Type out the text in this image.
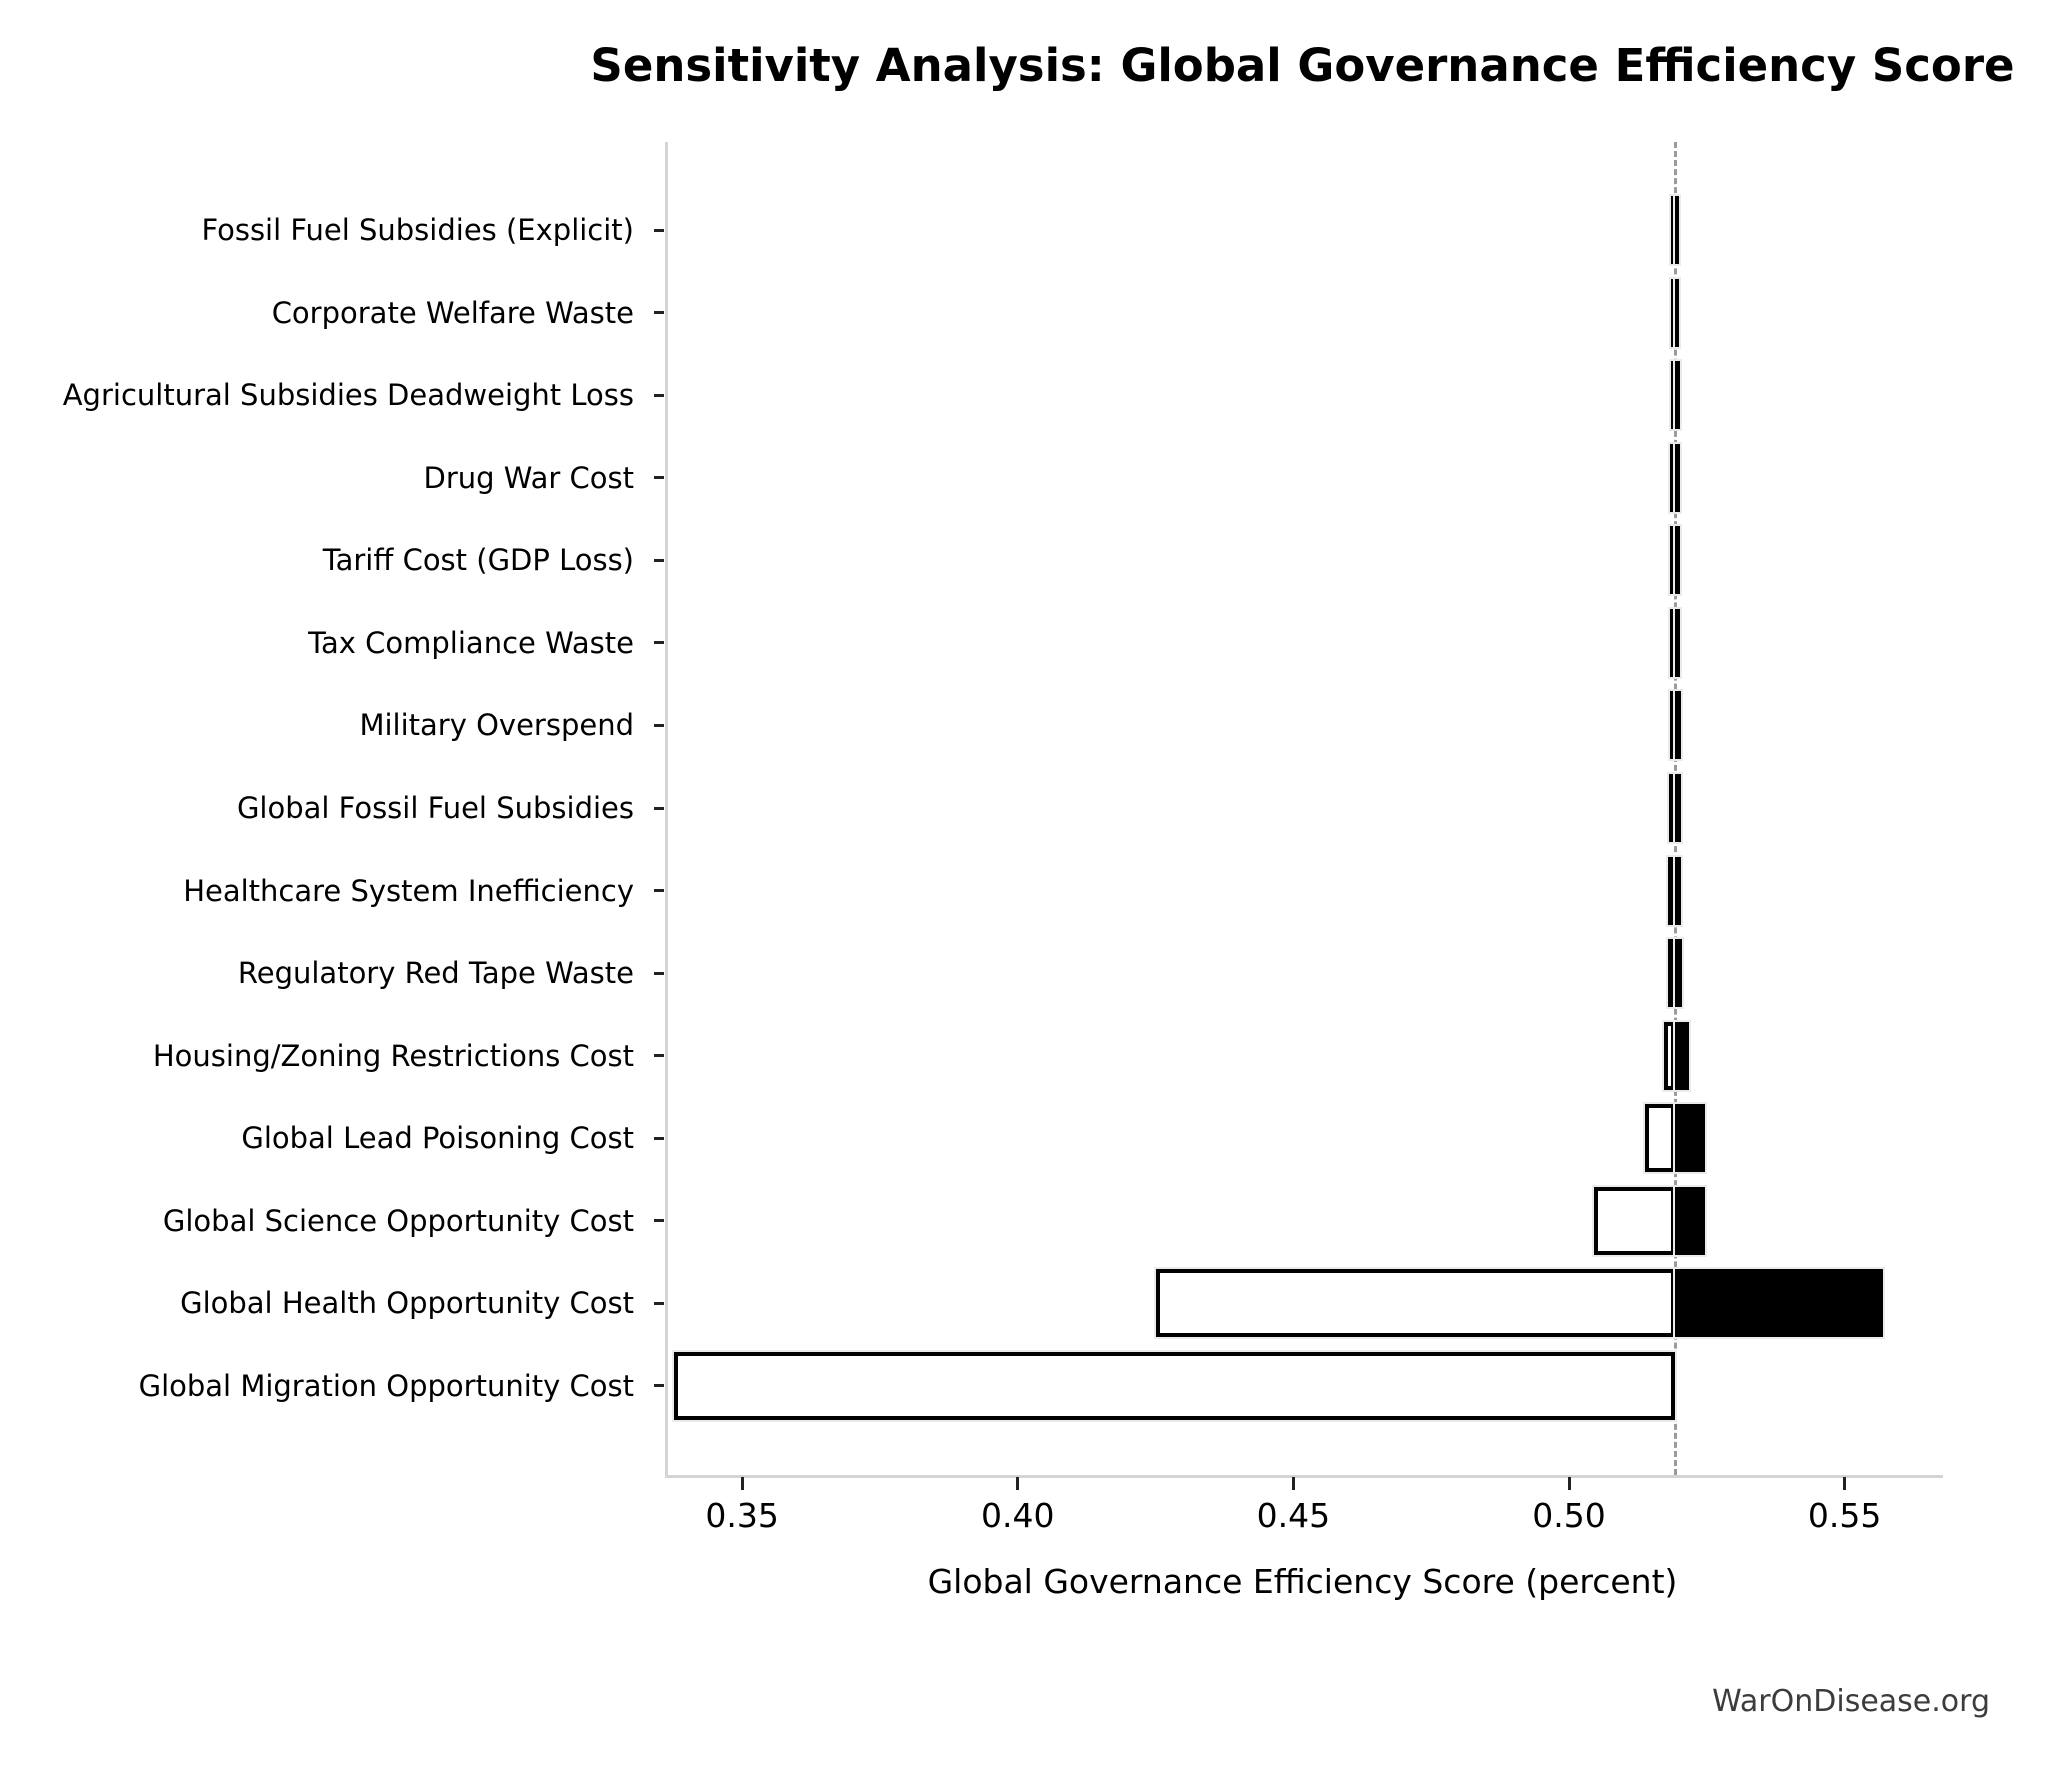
Sensitivity Analysis: Global Governance Efficiency Score
Fossil Fuel Subsidies (Explicit)
Corporate Welfare Waste
Agricultural Subsidies Deadweight Loss
Drug War Cost
Tariff Cost (GDP Loss)
Tax Compliance Waste
Military Overspend
Global Fossil Fuel Subsidies
Healthcare System Inefficiency
Regulatory Red Tape Waste
Housing/Zoning Restrictions Cost
Global Lead Poisoning Cost
Global Science Opportunity Cost
Global Health Opportunity Cost
Global Migration Opportunity Cost
0.35	0.40	0.45	0.50	0.55
Global Governance Efficiency Score (percent)
WarOnDisease.org
